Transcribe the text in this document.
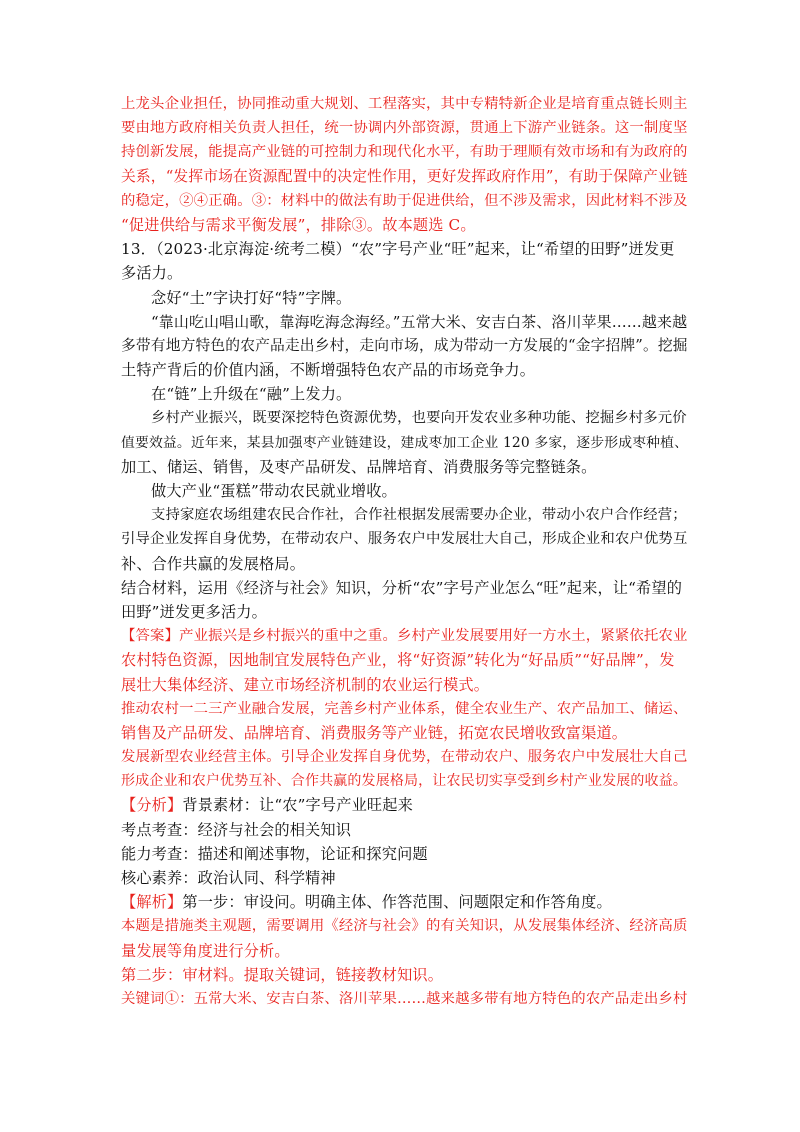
上龙头企业担任，协同推动重大规划、工程落实，其中专精特新企业是培育重点链长则主
要由地方政府相关负责人担任，统一协调内外部资源，贯通上下游产业链条。这一制度坚
持创新发展，能提高产业链的可控制力和现代化水平，有助于理顺有效市场和有为政府的
关系，“发挥市场在资源配置中的决定性作用，更好发挥政府作用”，有助于保障产业链
的稳定，②④正确。③：材料中的做法有助于促进供给，但不涉及需求，因此材料不涉及
“促进供给与需求平衡发展”，排除③。故本题选 C。
13．（2023·北京海淀·统考二模）“农”字号产业“旺”起来，让“希望的田野”迸发更
多活力。
念好“土”字诀打好“特”字牌。
“靠山吃山唱山歌，靠海吃海念海经。”五常大米、安吉白茶、洛川苹果……越来越
多带有地方特色的农产品走出乡村，走向市场，成为带动一方发展的“金字招牌”。挖掘
土特产背后的价值内涵，不断增强特色农产品的市场竞争力。
在“链”上升级在“融”上发力。
乡村产业振兴，既要深挖特色资源优势，也要向开发农业多种功能、挖掘乡村多元价
值要效益。近年来，某县加强枣产业链建设，建成枣加工企业 120 多家，逐步形成枣种植、
加工、储运、销售，及枣产品研发、品牌培育、消费服务等完整链条。
做大产业“蛋糕”带动农民就业增收。
支持家庭农场组建农民合作社，合作社根据发展需要办企业，带动小农户合作经营；
引导企业发挥自身优势，在带动农户、服务农户中发展壮大自己，形成企业和农户优势互
补、合作共赢的发展格局。
结合材料，运用《经济与社会》知识，分析“农”字号产业怎么“旺”起来，让“希望的
田野”迸发更多活力。
【答案】产业振兴是乡村振兴的重中之重。乡村产业发展要用好一方水土，紧紧依托农业
农村特色资源，因地制宜发展特色产业，将“好资源”转化为“好品质”“好品牌”，发
展壮大集体经济、建立市场经济机制的农业运行模式。
推动农村一二三产业融合发展，完善乡村产业体系，健全农业生产、农产品加工、储运、
销售及产品研发、品牌培育、消费服务等产业链，拓宽农民增收致富渠道。
发展新型农业经营主体。引导企业发挥自身优势，在带动农户、服务农户中发展壮大自己
形成企业和农户优势互补、合作共赢的发展格局，让农民切实享受到乡村产业发展的收益。
【分析】背景素材：让“农”字号产业旺起来
考点考查：经济与社会的相关知识
能力考查：描述和阐述事物，论证和探究问题
核心素养：政治认同、科学精神
【解析】第一步：审设问。明确主体、作答范围、问题限定和作答角度。
本题是措施类主观题，需要调用《经济与社会》的有关知识，从发展集体经济、经济高质
量发展等角度进行分析。
第二步：审材料。提取关键词，链接教材知识。
关键词①：五常大米、安吉白茶、洛川苹果……越来越多带有地方特色的农产品走出乡村
